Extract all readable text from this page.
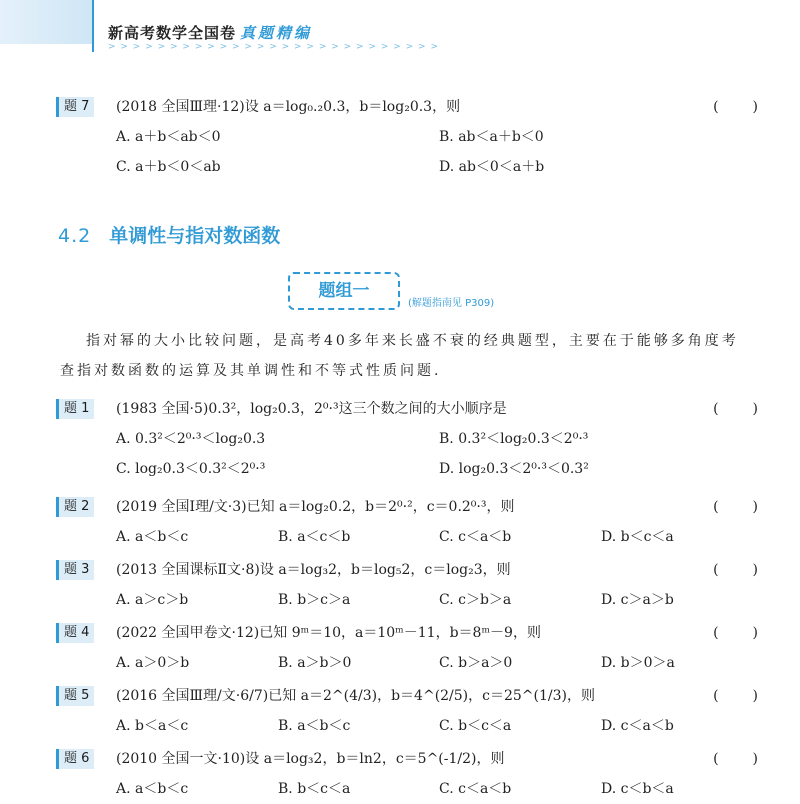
新高考数学全国卷 真题精编
> > > > > > > > > > > > > > > > > > > > > > > > > > >
题 7	(2018 全国Ⅲ理·12)设 a＝log₀.₂0.3，b＝log₂0.3，则	(　　)
A. a＋b＜ab＜0	B. ab＜a＋b＜0
C. a＋b＜0＜ab	D. ab＜0＜a＋b
4.2 单调性与指对数函数
题组一
(解题指南见 P309)
指对幂的大小比较问题，是高考40多年来长盛不衰的经典题型，主要在于能够多角度考
查指对数函数的运算及其单调性和不等式性质问题.
题 1	(1983 全国·5)0.3²，log₂0.3，2⁰·³这三个数之间的大小顺序是	(　　)
A. 0.3²＜2⁰·³＜log₂0.3	B. 0.3²＜log₂0.3＜2⁰·³
C. log₂0.3＜0.3²＜2⁰·³	D. log₂0.3＜2⁰·³＜0.3²
题 2	(2019 全国Ⅰ理/文·3)已知 a＝log₂0.2，b＝2⁰·²，c＝0.2⁰·³，则	(　　)
A. a＜b＜c	B. a＜c＜b	C. c＜a＜b	D. b＜c＜a
题 3	(2013 全国课标Ⅱ文·8)设 a＝log₃2，b＝log₅2，c＝log₂3，则	(　　)
A. a＞c＞b	B. b＞c＞a	C. c＞b＞a	D. c＞a＞b
题 4	(2022 全国甲卷文·12)已知 9ᵐ＝10，a＝10ᵐ－11，b＝8ᵐ－9，则	(　　)
A. a＞0＞b	B. a＞b＞0	C. b＞a＞0	D. b＞0＞a
题 5	(2016 全国Ⅲ理/文·6/7)已知 a＝2^(4/3)，b＝4^(2/5)，c＝25^(1/3)，则	(　　)
A. b＜a＜c	B. a＜b＜c	C. b＜c＜a	D. c＜a＜b
题 6	(2010 全国一文·10)设 a＝log₃2，b＝ln2，c＝5^(-1/2)，则	(　　)
A. a＜b＜c	B. b＜c＜a	C. c＜a＜b	D. c＜b＜a
